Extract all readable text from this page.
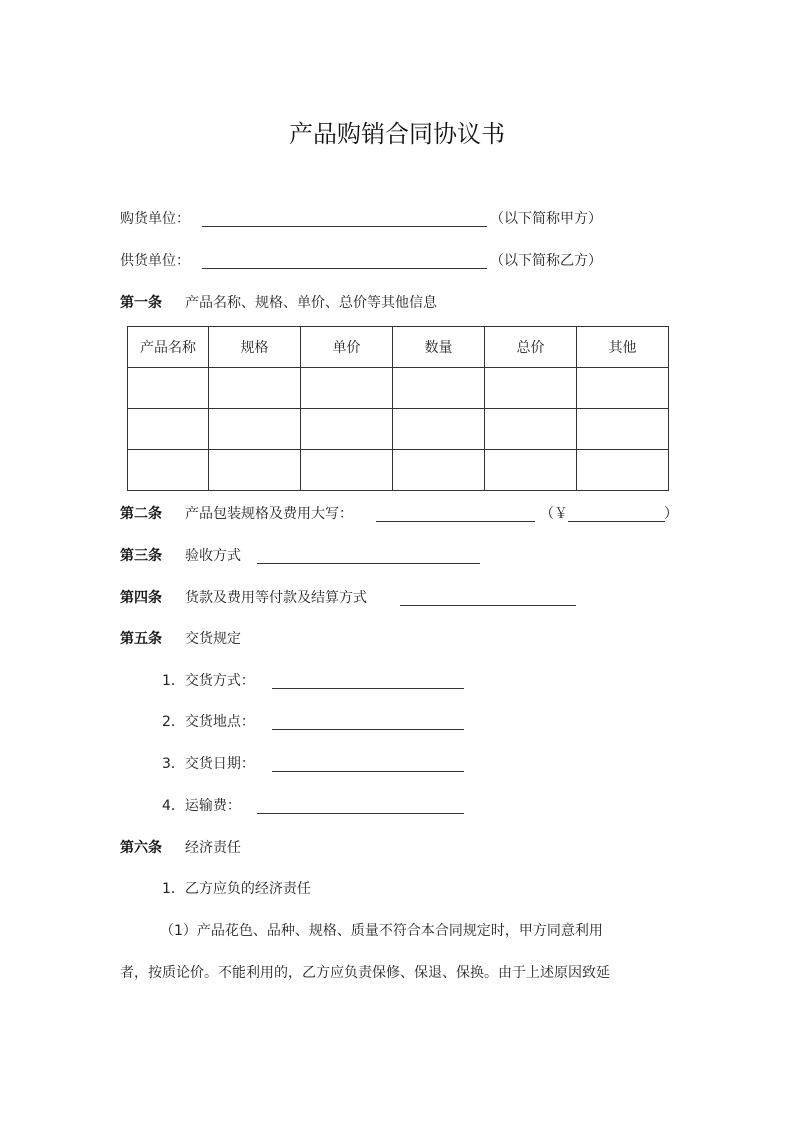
产品购销合同协议书
购货单位：	（以下简称甲方）
供货单位：	（以下简称乙方）
第一条 产品名称、规格、单价、总价等其他信息
产品名称	规格	单价	数量	总价	其他

第二条 产品包装规格及费用大写：	（￥	）
第三条 验收方式
第四条 货款及费用等付款及结算方式
第五条 交货规定
1．交货方式：
2．交货地点：
3．交货日期：
4．运输费：
第六条 经济责任
1．乙方应负的经济责任
（1）产品花色、品种、规格、质量不符合本合同规定时，甲方同意利用
者，按质论价。不能利用的，乙方应负责保修、保退、保换。由于上述原因致延
